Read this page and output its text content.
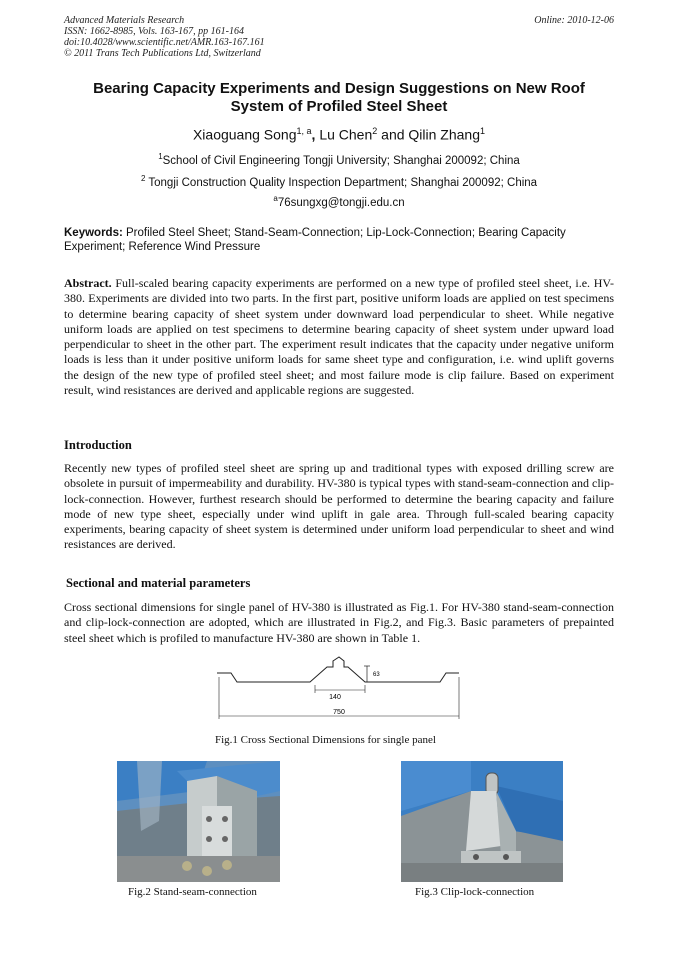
Advanced Materials Research
ISSN: 1662-8985, Vols. 163-167, pp 161-164
doi:10.4028/www.scientific.net/AMR.163-167.161
© 2011 Trans Tech Publications Ltd, Switzerland
Online: 2010-12-06
Bearing Capacity Experiments and Design Suggestions on New Roof
System of Profiled Steel Sheet
Xiaoguang Song$^{1, a}$, Lu Chen$^2$ and Qilin Zhang$^1$
$^1$School of Civil Engineering Tongji University; Shanghai 200092; China
$^2$ Tongji Construction Quality Inspection Department; Shanghai 200092; China
$^a$76sungxg@tongji.edu.cn
Keywords: Profiled Steel Sheet; Stand-Seam-Connection; Lip-Lock-Connection; Bearing Capacity Experiment; Reference Wind Pressure
Abstract. Full-scaled bearing capacity experiments are performed on a new type of profiled steel sheet, i.e. HV-380. Experiments are divided into two parts. In the first part, positive uniform loads are applied on test specimens to determine bearing capacity of sheet system under downward load perpendicular to sheet. While negative uniform loads are applied on test specimens to determine bearing capacity of sheet system under upward load perpendicular to sheet in the other part. The experiment result indicates that the capacity under negative uniform loads is less than it under positive uniform loads for same sheet type and configuration, i.e. wind uplift governs the design of the new type of profiled steel sheet; and most failure mode is clip failure. Based on experiment result, wind resistances are derived and applicable regions are suggested.
Introduction
Recently new types of profiled steel sheet are spring up and traditional types with exposed drilling screw are obsolete in pursuit of impermeability and durability. HV-380 is typical types with stand-seam-connection and clip-lock-connection. However, furthest research should be performed to determine the bearing capacity and failure mode of new type sheet, especially under wind uplift in gale area. Through full-scaled bearing capacity experiments, bearing capacity of sheet system is determined under uniform load perpendicular to sheet and wind resistances are derived.
Sectional and material parameters
Cross sectional dimensions for single panel of HV-380 is illustrated as Fig.1. For HV-380 stand-seam-connection and clip-lock-connection are adopted, which are illustrated in Fig.2, and Fig.3. Basic parameters of prepainted steel sheet which is profiled to manufacture HV-380 are shown in Table 1.
140
750
63
Fig.1 Cross Sectional Dimensions for single panel
Fig.2 Stand-seam-connection	Fig.3 Clip-lock-connection
